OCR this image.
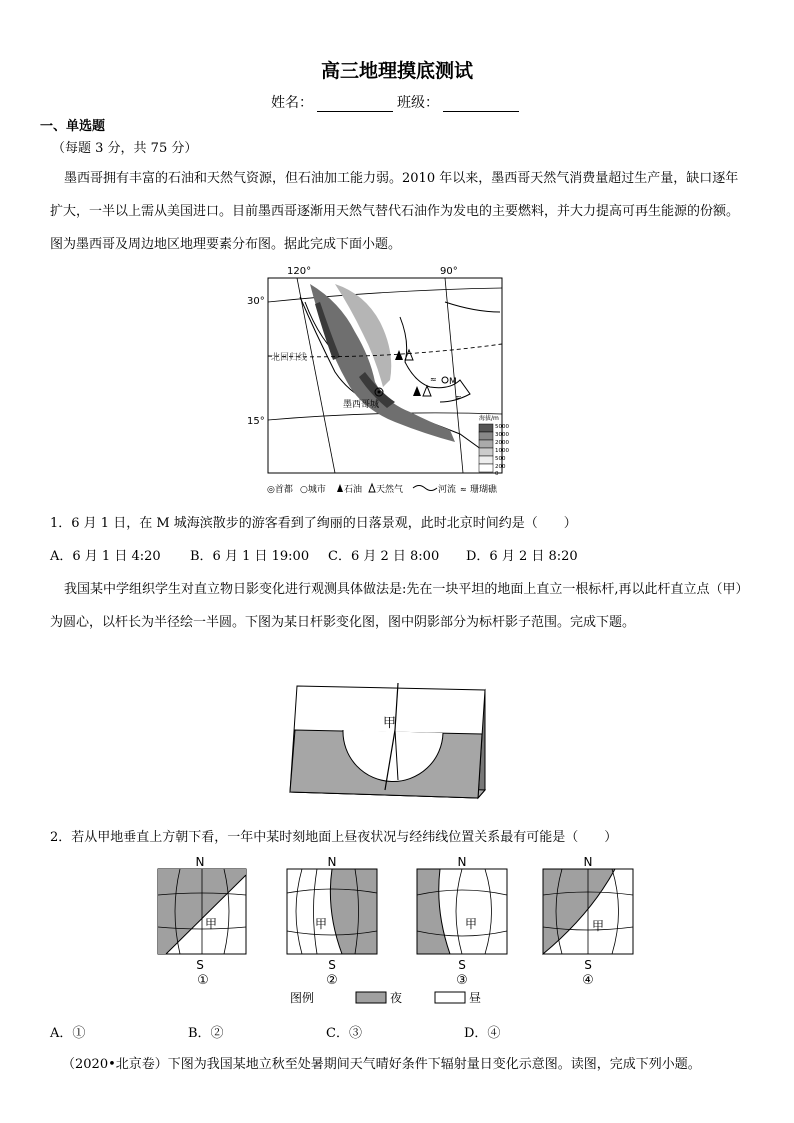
高三地理摸底测试
姓名：	班级：
一、单选题
（每题 3 分，共 75 分）
墨西哥拥有丰富的石油和天然气资源，但石油加工能力弱。2010 年以来，墨西哥天然气消费量超过生产量，缺口逐年扩大，一半以上需从美国进口。目前墨西哥逐渐用天然气替代石油作为发电的主要燃料，并大力提高可再生能源的份额。图为墨西哥及周边地区地理要素分布图。据此完成下面小题。
≈
≈
120°	90°
30°
15°
北回归线
墨西哥城
M
海拔/m
5000
3000
2000
1000
500
200
0
◎首都 ○城市 石油 天然气	河流 ≈ 珊瑚礁
1．6 月 1 日，在 M 城海滨散步的游客看到了绚丽的日落景观，此时北京时间约是（　　）
A．6 月 1 日 4:20 B．6 月 1 日 19:00 C．6 月 2 日 8:00 D．6 月 2 日 8:20
我国某中学组织学生对直立物日影变化进行观测具体做法是:先在一块平坦的地面上直立一根标杆,再以此杆直立点（甲）为圆心，以杆长为半径绘一半圆。下图为某日杆影变化图，图中阴影部分为标杆影子范围。完成下题。
甲
2．若从甲地垂直上方朝下看，一年中某时刻地面上昼夜状况与经纬线位置关系最有可能是（　　）
N
甲
S
①
N
甲
S
②
N
甲
S
③
N
甲
S
④
图例	夜	昼
A．①	B．②	C．③	D．④
（2020•北京卷）下图为我国某地立秋至处暑期间天气晴好条件下辐射量日变化示意图。读图，完成下列小题。
